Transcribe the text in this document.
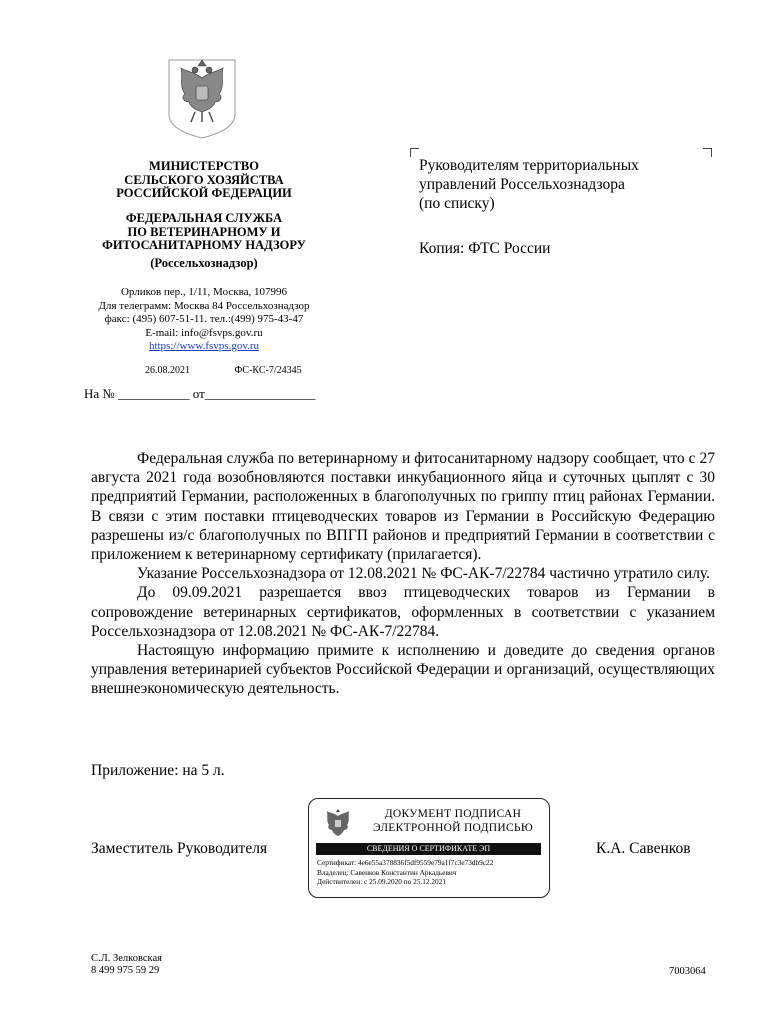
МИНИСТЕРСТВО
СЕЛЬСКОГО ХОЗЯЙСТВА
РОССИЙСКОЙ ФЕДЕРАЦИИ
ФЕДЕРАЛЬНАЯ СЛУЖБА
ПО ВЕТЕРИНАРНОМУ И
ФИТОСАНИТАРНОМУ НАДЗОРУ
(Россельхознадзор)
Орликов пер., 1/11, Москва, 107996
Для телеграмм: Москва 84 Россельхознадзор
факс: (495) 607-51-11. тел.:(499) 975-43-47
E-mail: info@fsvps.gov.ru
https://www.fsvps.gov.ru
26.08.2021	ФС-КС-7/24345
На № ___________ от_________________
Руководителям территориальных
управлений Россельхознадзора
(по списку)
Копия: ФТС России

Федеральная служба по ветеринарному и фитосанитарному надзору сообщает, что с 27 августа 2021 года возобновляются поставки инкубационного яйца и суточных цыплят с 30 предприятий Германии, расположенных в благополучных по гриппу птиц районах Германии. В связи с этим поставки птицеводческих товаров из Германии в Российскую Федерацию разрешены из/с благополучных по ВПГП районов и предприятий Германии в соответствии с приложением к ветеринарному сертификату (прилагается).

Указание Россельхознадзора от 12.08.2021 № ФС-АК-7/22784 частично утратило силу.

До 09.09.2021 разрешается ввоз птицеводческих товаров из Германии в сопровождение ветеринарных сертификатов, оформленных в соответствии с указанием Россельхознадзора от 12.08.2021 № ФС-АК-7/22784.

Настоящую информацию примите к исполнению и доведите до сведения органов управления ветеринарией субъектов Российской Федерации и организаций, осуществляющих внешнеэкономическую деятельность.

Приложение: на 5 л.
Заместитель Руководителя
ДОКУМЕНТ ПОДПИСАН
ЭЛЕКТРОННОЙ ПОДПИСЬЮ
СВЕДЕНИЯ О СЕРТИФИКАТЕ ЭП
Сертификат: 4e6e55a378836f5df9559e79a1f7c3e73db9c22
Владелец: Савенков Константин Аркадьевич
Действителен: с 25.09.2020 по 25.12.2021
К.А. Савенков
С.Л. Зелковская
8 499 975 59 29	7003064
